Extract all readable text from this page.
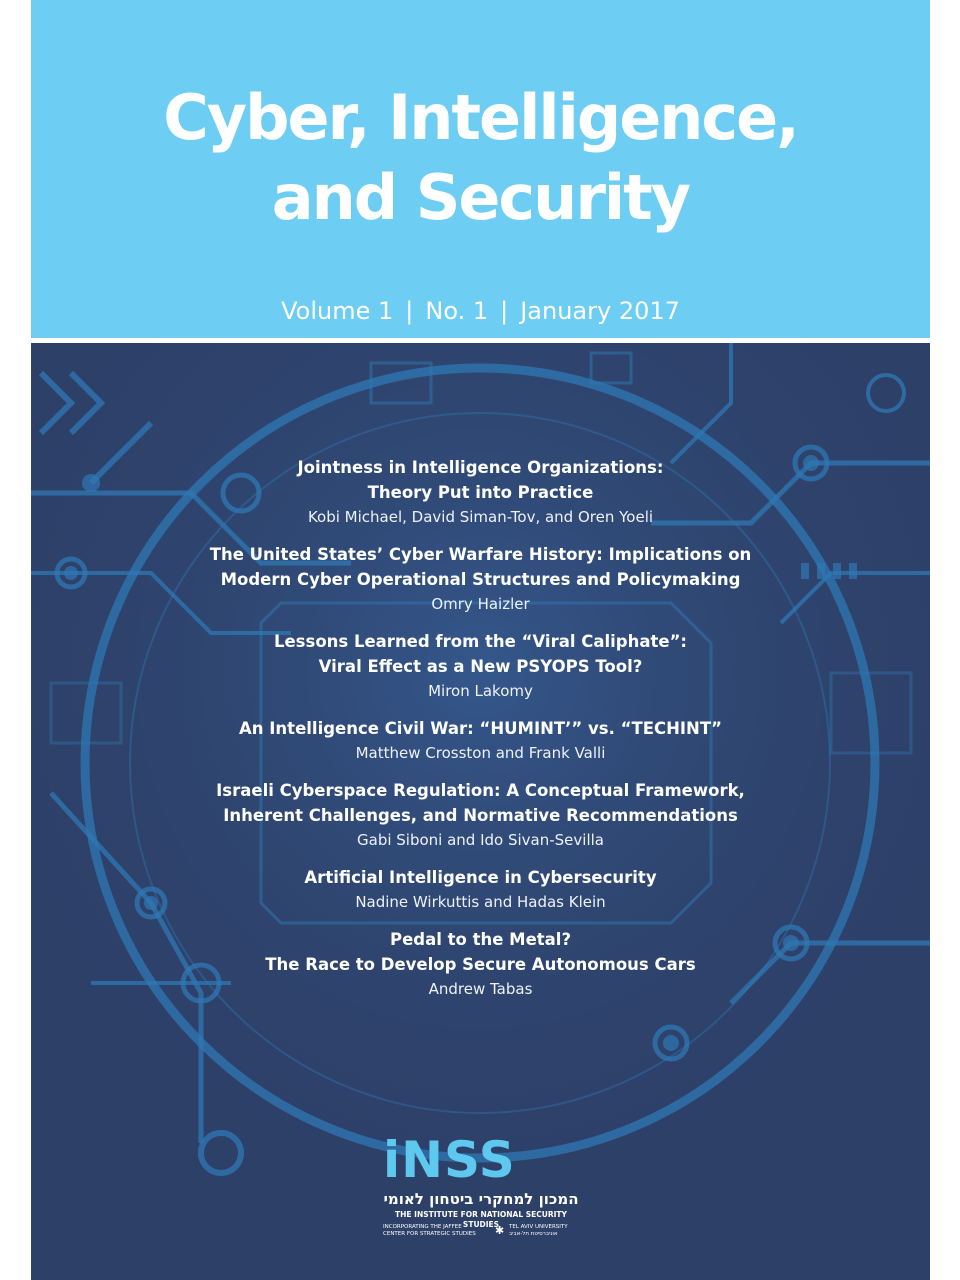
Cyber, Intelligence,
and Security
Volume 1 | No. 1 | January 2017
Jointness in Intelligence Organizations:
Theory Put into Practice
Kobi Michael, David Siman-Tov, and Oren Yoeli
The United States’ Cyber Warfare History: Implications on
Modern Cyber Operational Structures and Policymaking
Omry Haizler
Lessons Learned from the “Viral Caliphate”:
Viral Effect as a New PSYOPS Tool?
Miron Lakomy
An Intelligence Civil War: “HUMINT’” vs. “TECHINT”
Matthew Crosston and Frank Valli
Israeli Cyberspace Regulation: A Conceptual Framework,
Inherent Challenges, and Normative Recommendations
Gabi Siboni and Ido Sivan-Sevilla
Artificial Intelligence in Cybersecurity
Nadine Wirkuttis and Hadas Klein
Pedal to the Metal?
The Race to Develop Secure Autonomous Cars
Andrew Tabas
iNSS
המכון למחקרי ביטחון לאומי
THE INSTITUTE FOR NATIONAL SECURITY STUDIES
INCORPORATING THE JAFFEE
CENTER FOR STRATEGIC STUDIES	✱ TEL AVIV UNIVERSITY
אוניברסיטת תל-אביב
